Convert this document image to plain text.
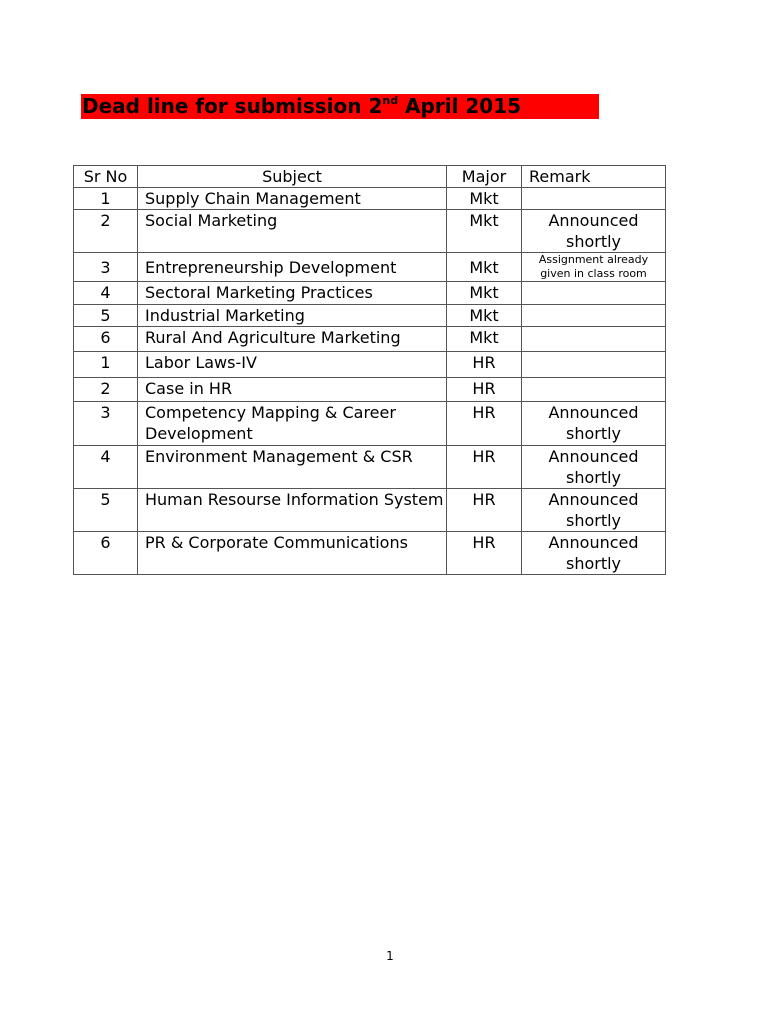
Dead line for submission 2nd April 2015
Sr No	Subject	Major	Remark
1	Supply Chain Management	Mkt	
2	Social Marketing	Mkt	Announced shortly
3	Entrepreneurship Development	Mkt	Assignment already given in class room
4	Sectoral Marketing Practices	Mkt	
5	Industrial Marketing	Mkt	
6	Rural And Agriculture Marketing	Mkt	
1	Labor Laws-IV	HR	
2	Case in HR	HR	
3	Competency Mapping & Career Development	HR	Announced shortly
4	Environment Management & CSR	HR	Announced shortly
5	Human Resourse Information System	HR	Announced shortly
6	PR & Corporate Communications	HR	Announced shortly
1
